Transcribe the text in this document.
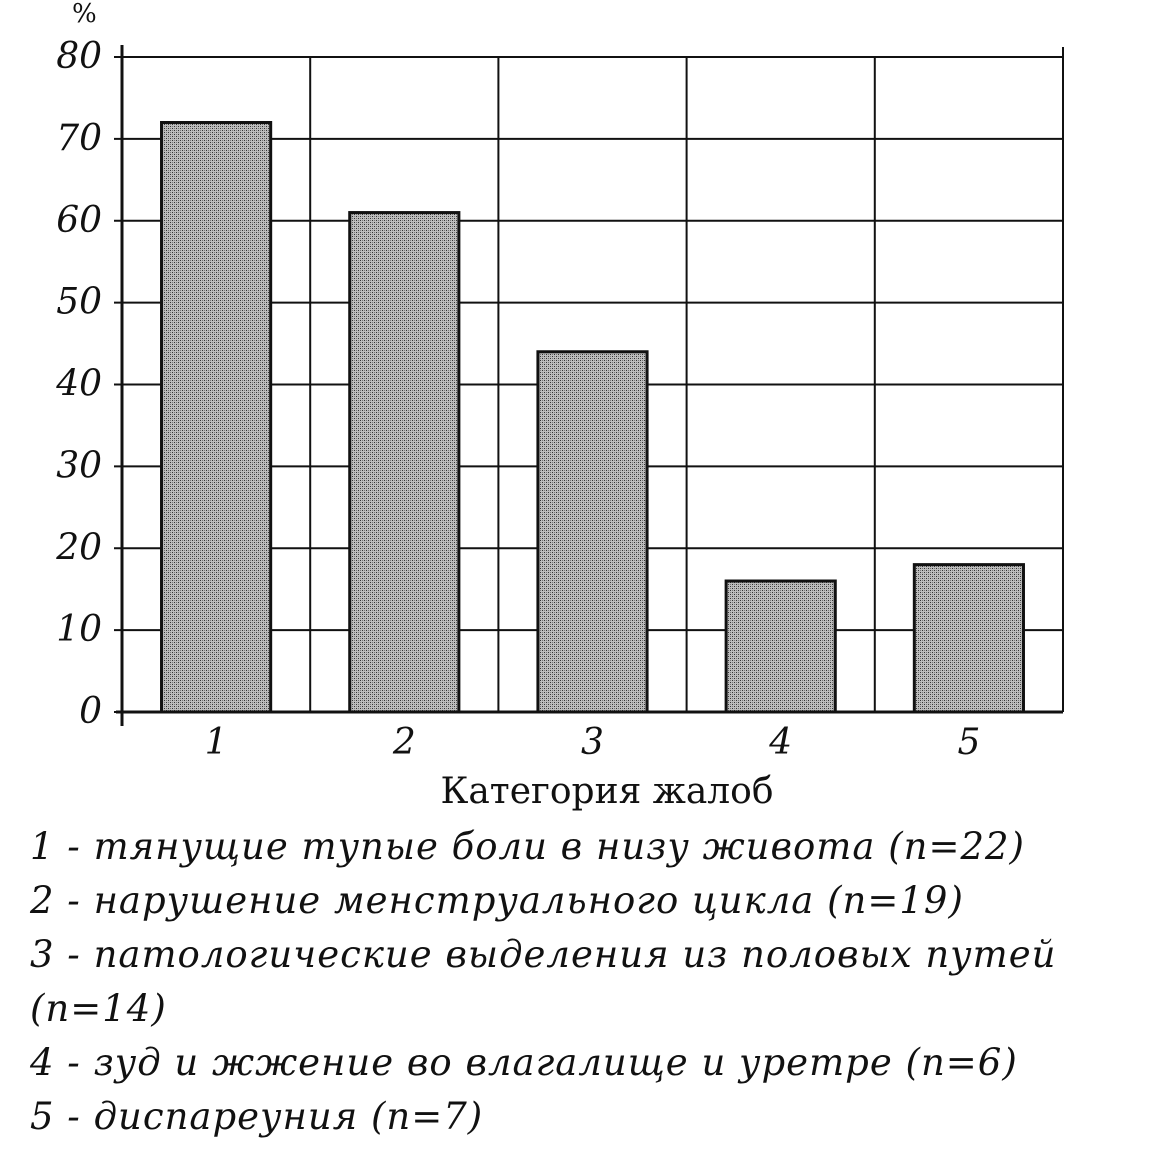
%
Категория жалоб
0
10
20
30
40
50
60
70
80
1	2	3	4	5
1 - тянущие тупые боли в низу живота (n=22)
2 - нарушение менструального цикла (n=19)
3 - патологические выделения из половых путей (n=14)
4 - зуд и жжение во влагалище и уретре (n=6)
5 - диспареуния (n=7)
